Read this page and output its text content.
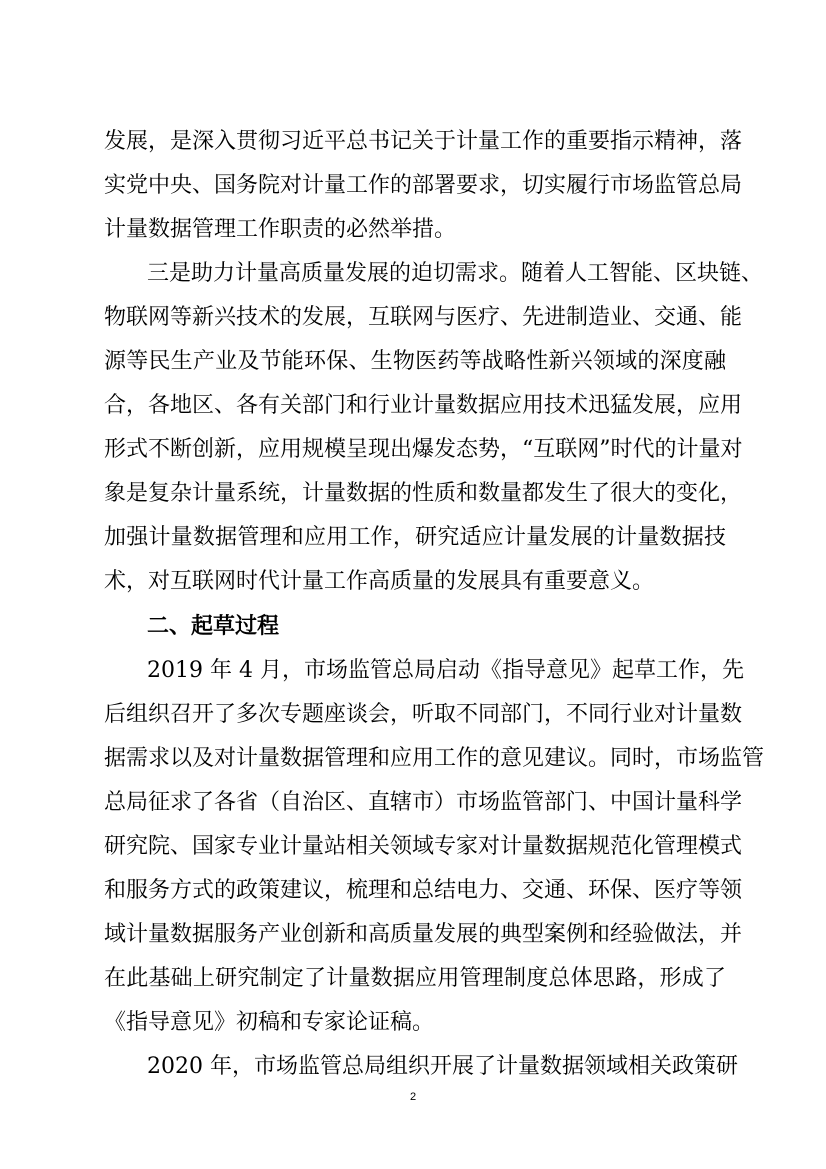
发展，是深入贯彻习近平总书记关于计量工作的重要指示精神，落
实党中央、国务院对计量工作的部署要求，切实履行市场监管总局
计量数据管理工作职责的必然举措。
三是助力计量高质量发展的迫切需求。随着人工智能、区块链、
物联网等新兴技术的发展，互联网与医疗、先进制造业、交通、能
源等民生产业及节能环保、生物医药等战略性新兴领域的深度融
合，各地区、各有关部门和行业计量数据应用技术迅猛发展，应用
形式不断创新，应用规模呈现出爆发态势，“互联网”时代的计量对
象是复杂计量系统，计量数据的性质和数量都发生了很大的变化，
加强计量数据管理和应用工作，研究适应计量发展的计量数据技
术，对互联网时代计量工作高质量的发展具有重要意义。
二、起草过程
2019 年 4 月，市场监管总局启动《指导意见》起草工作，先
后组织召开了多次专题座谈会，听取不同部门，不同行业对计量数
据需求以及对计量数据管理和应用工作的意见建议。同时，市场监管
总局征求了各省（自治区、直辖市）市场监管部门、中国计量科学
研究院、国家专业计量站相关领域专家对计量数据规范化管理模式
和服务方式的政策建议，梳理和总结电力、交通、环保、医疗等领
域计量数据服务产业创新和高质量发展的典型案例和经验做法，并
在此基础上研究制定了计量数据应用管理制度总体思路，形成了
《指导意见》初稿和专家论证稿。
2020 年，市场监管总局组织开展了计量数据领域相关政策研
2
